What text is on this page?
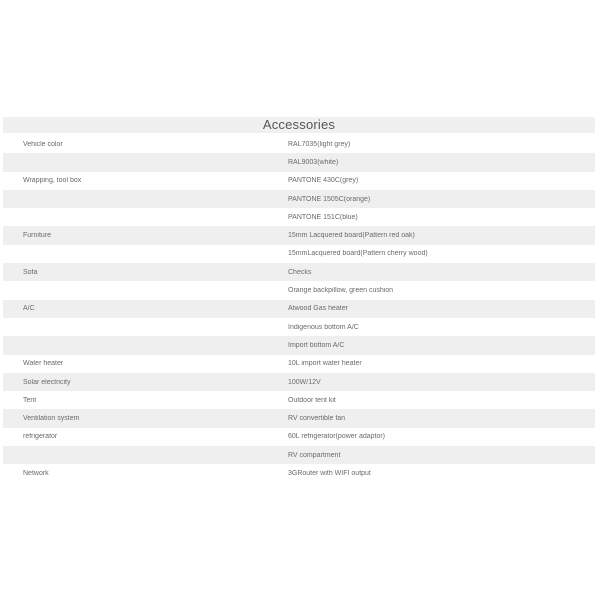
Accessories
Vehicle color	RAL7035(light grey)
RAL9003(white)
Wrapping, tool box	PANTONE 430C(grey)
PANTONE 1505C(orange)
PANTONE 151C(blue)
Furniture	15mm Lacquered board(Pattern red oak)
15mmLacquered board(Pattern cherry wood)
Sofa	Checks
Orange backpillow, green cushion
A/C	Atwood Gas heater
Indigenous bottom A/C
Import bottom A/C
Water heater	10L import water heater
Solar electricity	100W/12V
Tent	Outdoor tent kit
Ventilation system	RV convertible fan
refrigerator	60L refrigerator(power adaptor)
RV compartment
Network	3GRouter with WIFI output
